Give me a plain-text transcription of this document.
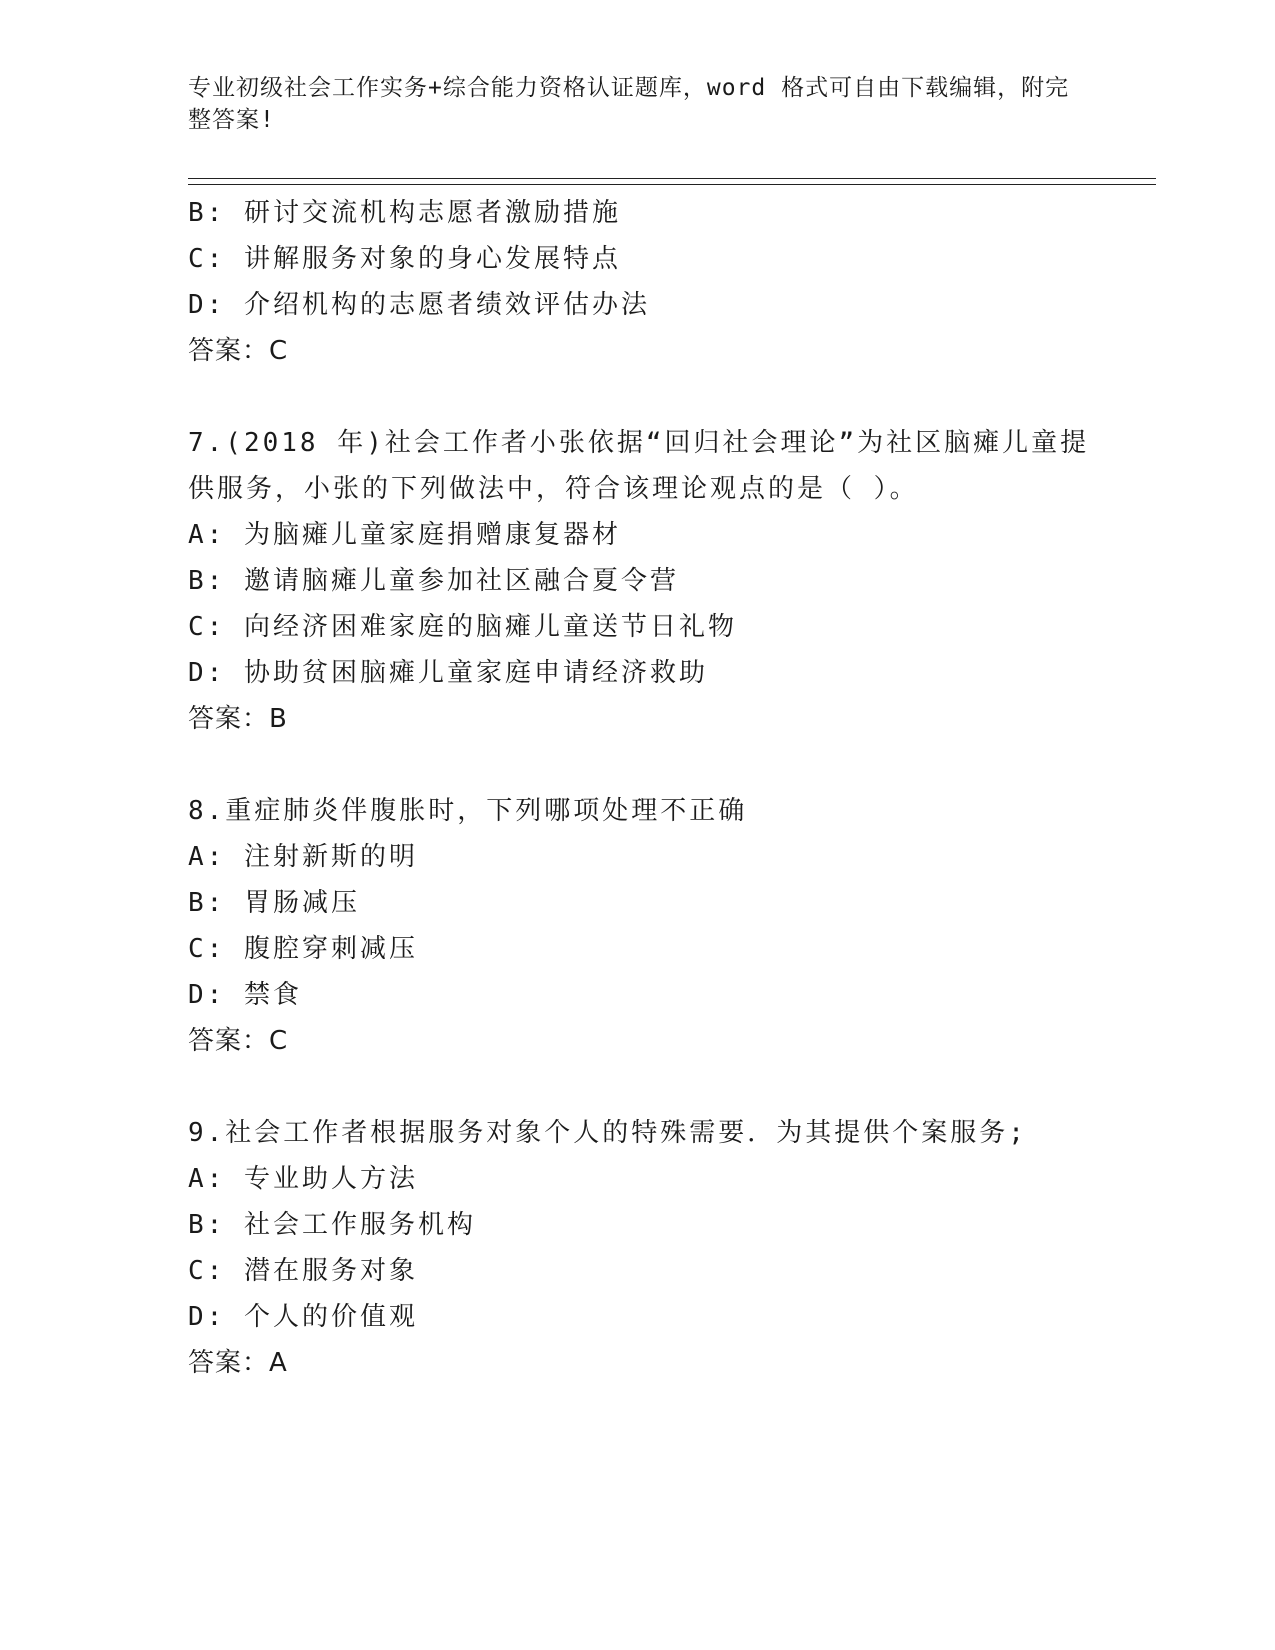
专业初级社会工作实务+综合能力资格认证题库，word 格式可自由下载编辑，附完
整答案!
B: 研讨交流机构志愿者激励措施
C: 讲解服务对象的身心发展特点
D: 介绍机构的志愿者绩效评估办法
答案：C
7.(2018 年)社会工作者小张依据“回归社会理论”为社区脑瘫儿童提
供服务，小张的下列做法中，符合该理论观点的是（ ）。
A: 为脑瘫儿童家庭捐赠康复器材
B: 邀请脑瘫儿童参加社区融合夏令营
C: 向经济困难家庭的脑瘫儿童送节日礼物
D: 协助贫困脑瘫儿童家庭申请经济救助
答案：B
8.重症肺炎伴腹胀时，下列哪项处理不正确
A: 注射新斯的明
B: 胃肠减压
C: 腹腔穿刺减压
D: 禁食
答案：C
9.社会工作者根据服务对象个人的特殊需要．为其提供个案服务;
A: 专业助人方法
B: 社会工作服务机构
C: 潜在服务对象
D: 个人的价值观
答案：A
